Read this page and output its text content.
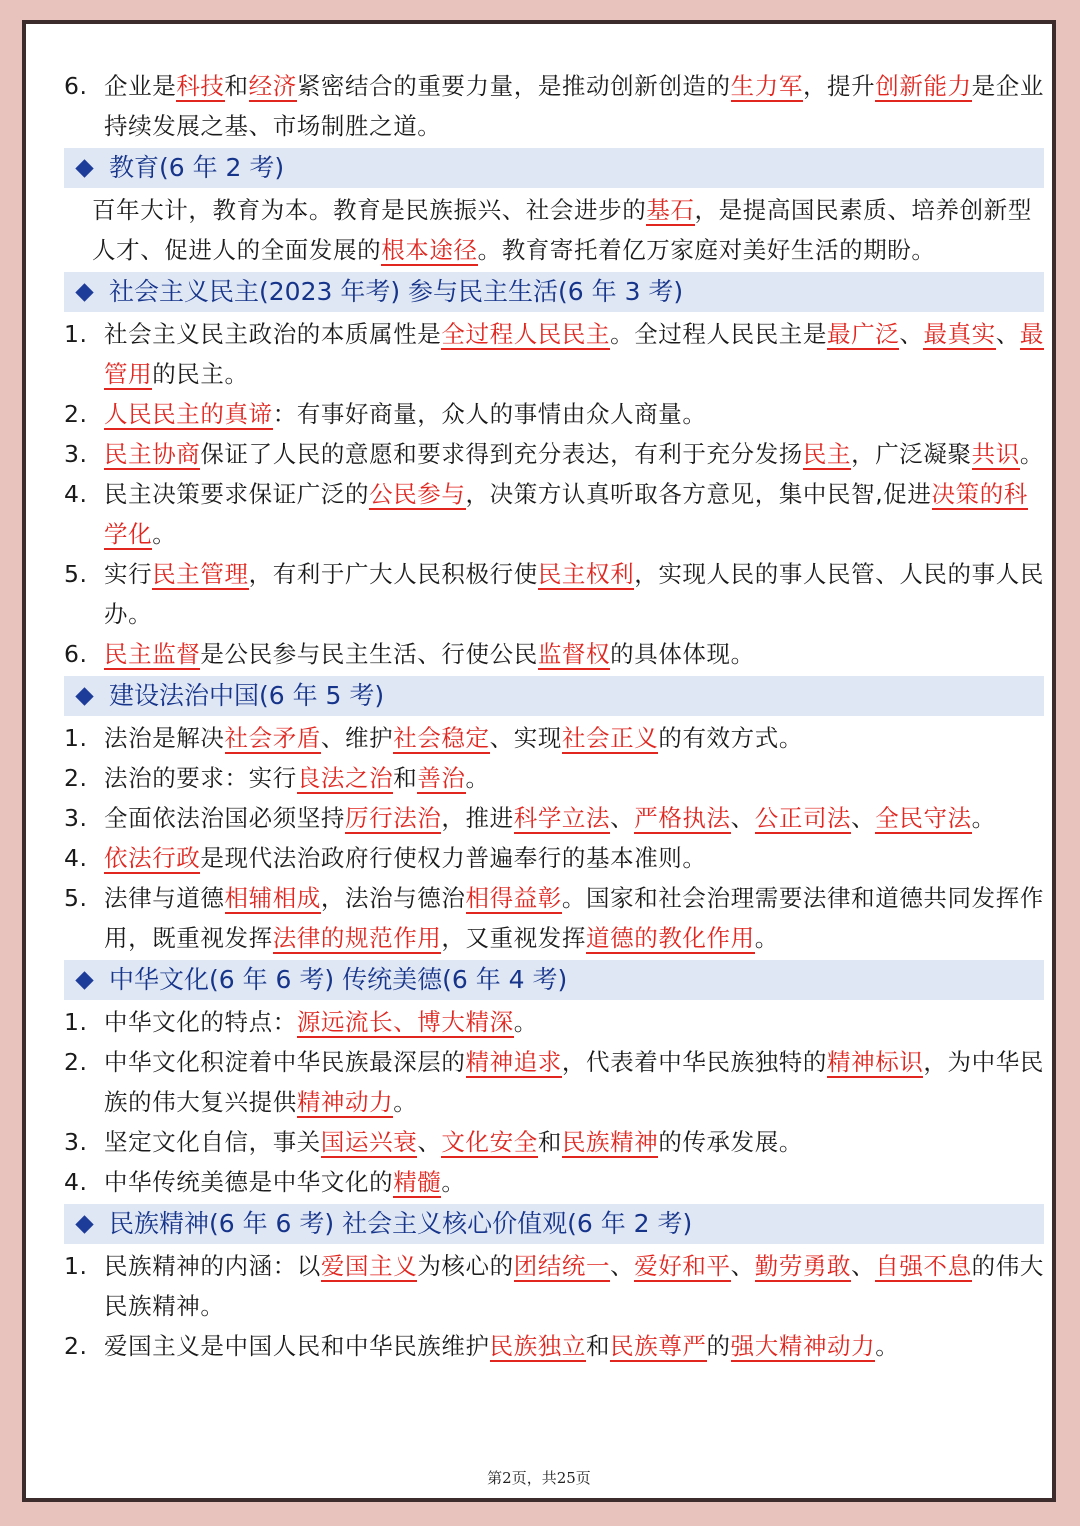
6. 企业是科技和经济紧密结合的重要力量，是推动创新创造的生力军，提升创新能力是企业持续发展之基、市场制胜之道。
教育(6 年 2 考)
百年大计，教育为本。教育是民族振兴、社会进步的基石，是提高国民素质、培养创新型人才、促进人的全面发展的根本途径。教育寄托着亿万家庭对美好生活的期盼。
社会主义民主(2023 年考) 参与民主生活(6 年 3 考)
1. 社会主义民主政治的本质属性是全过程人民民主。全过程人民民主是最广泛、最真实、最管用的民主。
2. 人民民主的真谛：有事好商量，众人的事情由众人商量。
3. 民主协商保证了人民的意愿和要求得到充分表达，有利于充分发扬民主，广泛凝聚共识。
4. 民主决策要求保证广泛的公民参与，决策方认真听取各方意见，集中民智,促进决策的科学化。
5. 实行民主管理，有利于广大人民积极行使民主权利，实现人民的事人民管、人民的事人民办。
6. 民主监督是公民参与民主生活、行使公民监督权的具体体现。
建设法治中国(6 年 5 考)
1. 法治是解决社会矛盾、维护社会稳定、实现社会正义的有效方式。
2. 法治的要求：实行良法之治和善治。
3. 全面依法治国必须坚持厉行法治，推进科学立法、严格执法、公正司法、全民守法。
4. 依法行政是现代法治政府行使权力普遍奉行的基本准则。
5. 法律与道德相辅相成，法治与德治相得益彰。国家和社会治理需要法律和道德共同发挥作用，既重视发挥法律的规范作用，又重视发挥道德的教化作用。
中华文化(6 年 6 考) 传统美德(6 年 4 考)
1. 中华文化的特点：源远流长、博大精深。
2. 中华文化积淀着中华民族最深层的精神追求，代表着中华民族独特的精神标识，为中华民族的伟大复兴提供精神动力。
3. 坚定文化自信，事关国运兴衰、文化安全和民族精神的传承发展。
4. 中华传统美德是中华文化的精髓。
民族精神(6 年 6 考) 社会主义核心价值观(6 年 2 考)
1. 民族精神的内涵：以爱国主义为核心的团结统一、爱好和平、勤劳勇敢、自强不息的伟大民族精神。
2. 爱国主义是中国人民和中华民族维护民族独立和民族尊严的强大精神动力。
第2页，共25页
